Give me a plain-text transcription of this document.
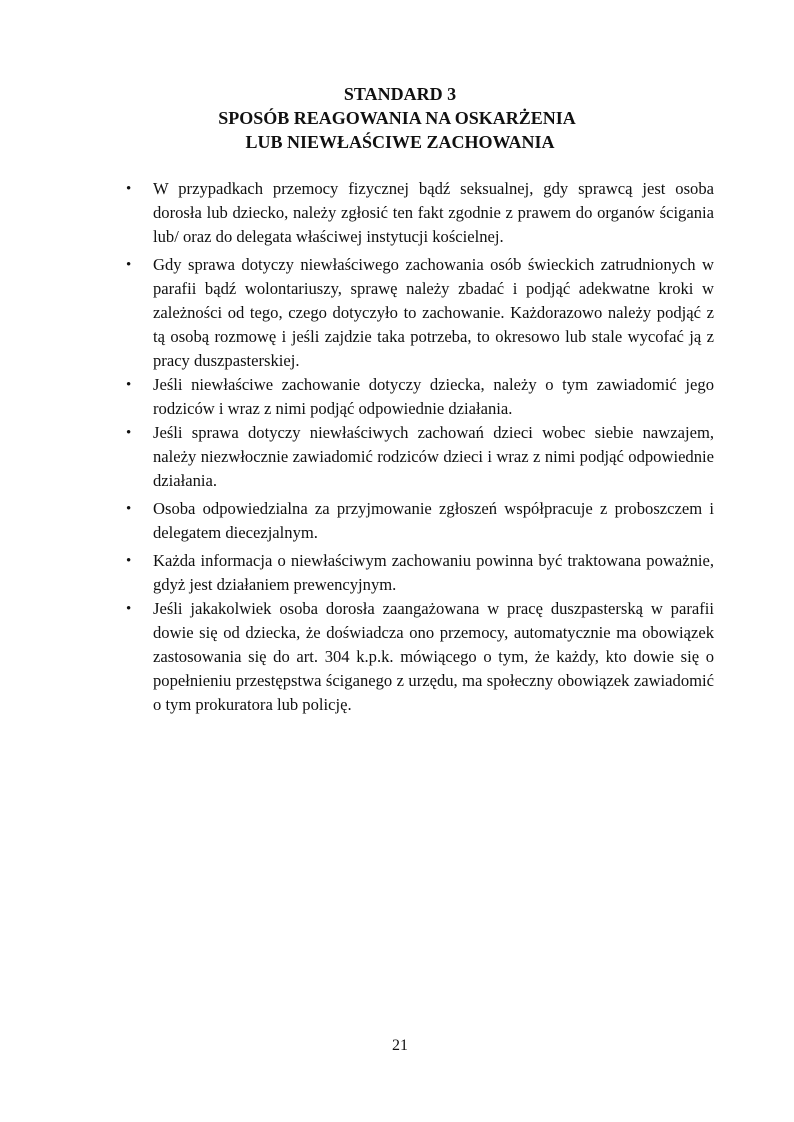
STANDARD 3
SPOSÓB REAGOWANIA NA OSKARŻENIA
LUB NIEWŁAŚCIWE ZACHOWANIA
•	W przypadkach przemocy fizycznej bądź seksualnej, gdy sprawcą jest osoba dorosła lub dziecko, należy zgłosić ten fakt zgodnie z prawem do organów ścigania lub/ oraz do delegata właściwej instytucji kościelnej.
•	Gdy sprawa dotyczy niewłaściwego zachowania osób świeckich zatrudnionych w parafii bądź wolontariuszy, sprawę należy zbadać i podjąć adekwatne kroki w zależności od tego, czego dotyczyło to zachowanie. Każdorazowo należy podjąć z tą osobą rozmowę i jeśli zajdzie taka potrzeba, to okresowo lub stale wycofać ją z pracy duszpasterskiej.
•	Jeśli niewłaściwe zachowanie dotyczy dziecka, należy o tym zawiadomić jego rodziców i wraz z nimi podjąć odpowiednie działania.
•	Jeśli sprawa dotyczy niewłaściwych zachowań dzieci wobec siebie nawzajem, należy niezwłocznie zawiadomić rodziców dzieci i wraz z nimi podjąć odpowiednie działania.
•	Osoba odpowiedzialna za przyjmowanie zgłoszeń współpracuje z proboszczem i delegatem diecezjalnym.
•	Każda informacja o niewłaściwym zachowaniu powinna być traktowana poważnie, gdyż jest działaniem prewencyjnym.
•	Jeśli jakakolwiek osoba dorosła zaangażowana w pracę duszpasterską w parafii dowie się od dziecka, że doświadcza ono przemocy, automatycznie ma obowiązek zastosowania się do art. 304 k.p.k. mówiącego o tym, że każdy, kto dowie się o popełnieniu przestępstwa ściganego z urzędu, ma społeczny obowiązek zawiadomić o tym prokuratora lub policję.
21
